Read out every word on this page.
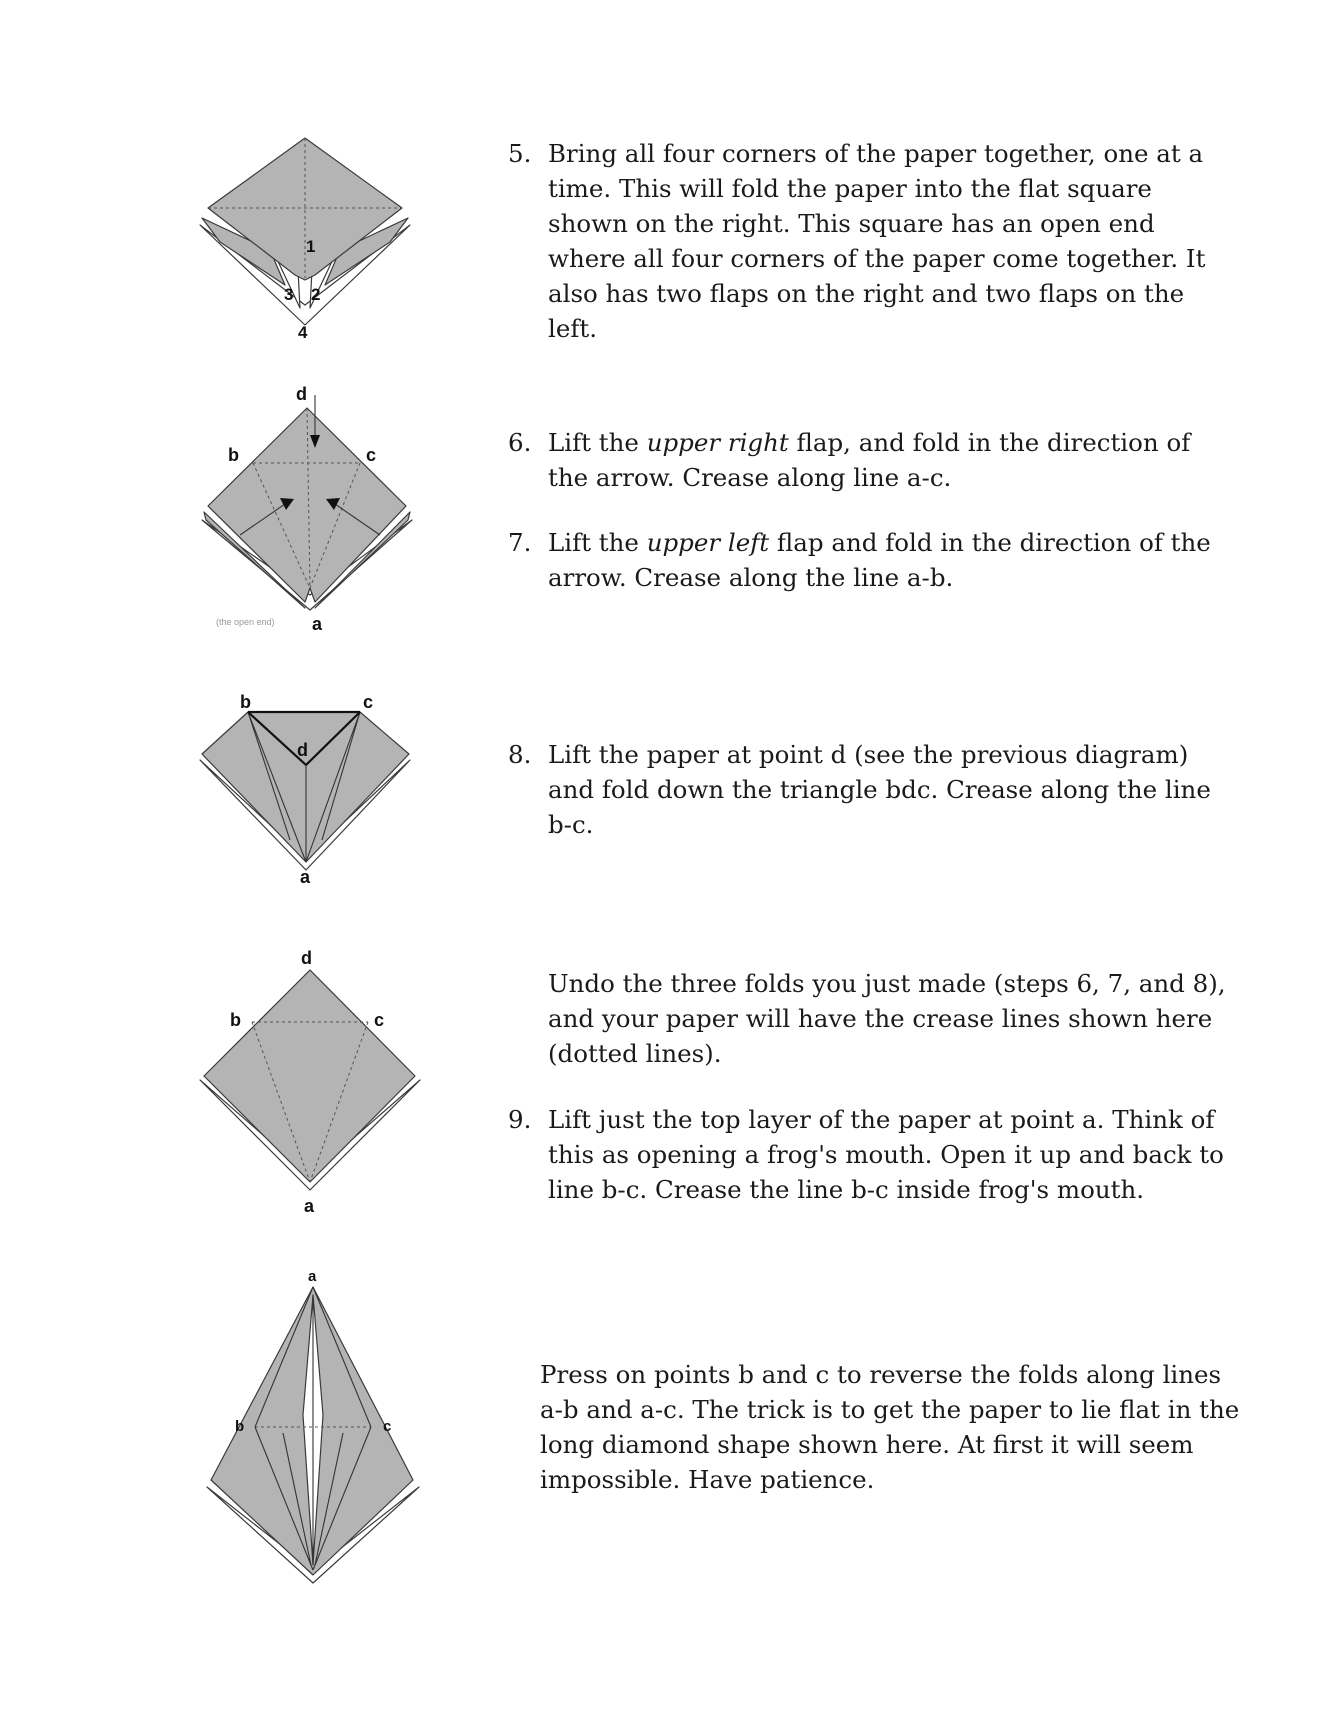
1
2
3
4
d
b	c
a
(the open end)
b	c
d
a
d
b	c
a
a
b	c
5. Bring all four corners of the paper together, one at a time. This will fold the paper into the flat square shown on the right. This square has an open end where all four corners of the paper come together. It also has two flaps on the right and two flaps on the left.
6. Lift the upper right flap, and fold in the direction of the arrow. Crease along line a-c.
7. Lift the upper left flap and fold in the direction of the arrow. Crease along the line a-b.
8. Lift the paper at point d (see the previous diagram) and fold down the triangle bdc. Crease along the line b-c.
Undo the three folds you just made (steps 6, 7, and 8), and your paper will have the crease lines shown here (dotted lines).
9. Lift just the top layer of the paper at point a. Think of this as opening a frog's mouth. Open it up and back to line b-c. Crease the line b-c inside frog's mouth.
Press on points b and c to reverse the folds along lines a-b and a-c. The trick is to get the paper to lie flat in the long diamond shape shown here. At first it will seem impossible. Have patience.
